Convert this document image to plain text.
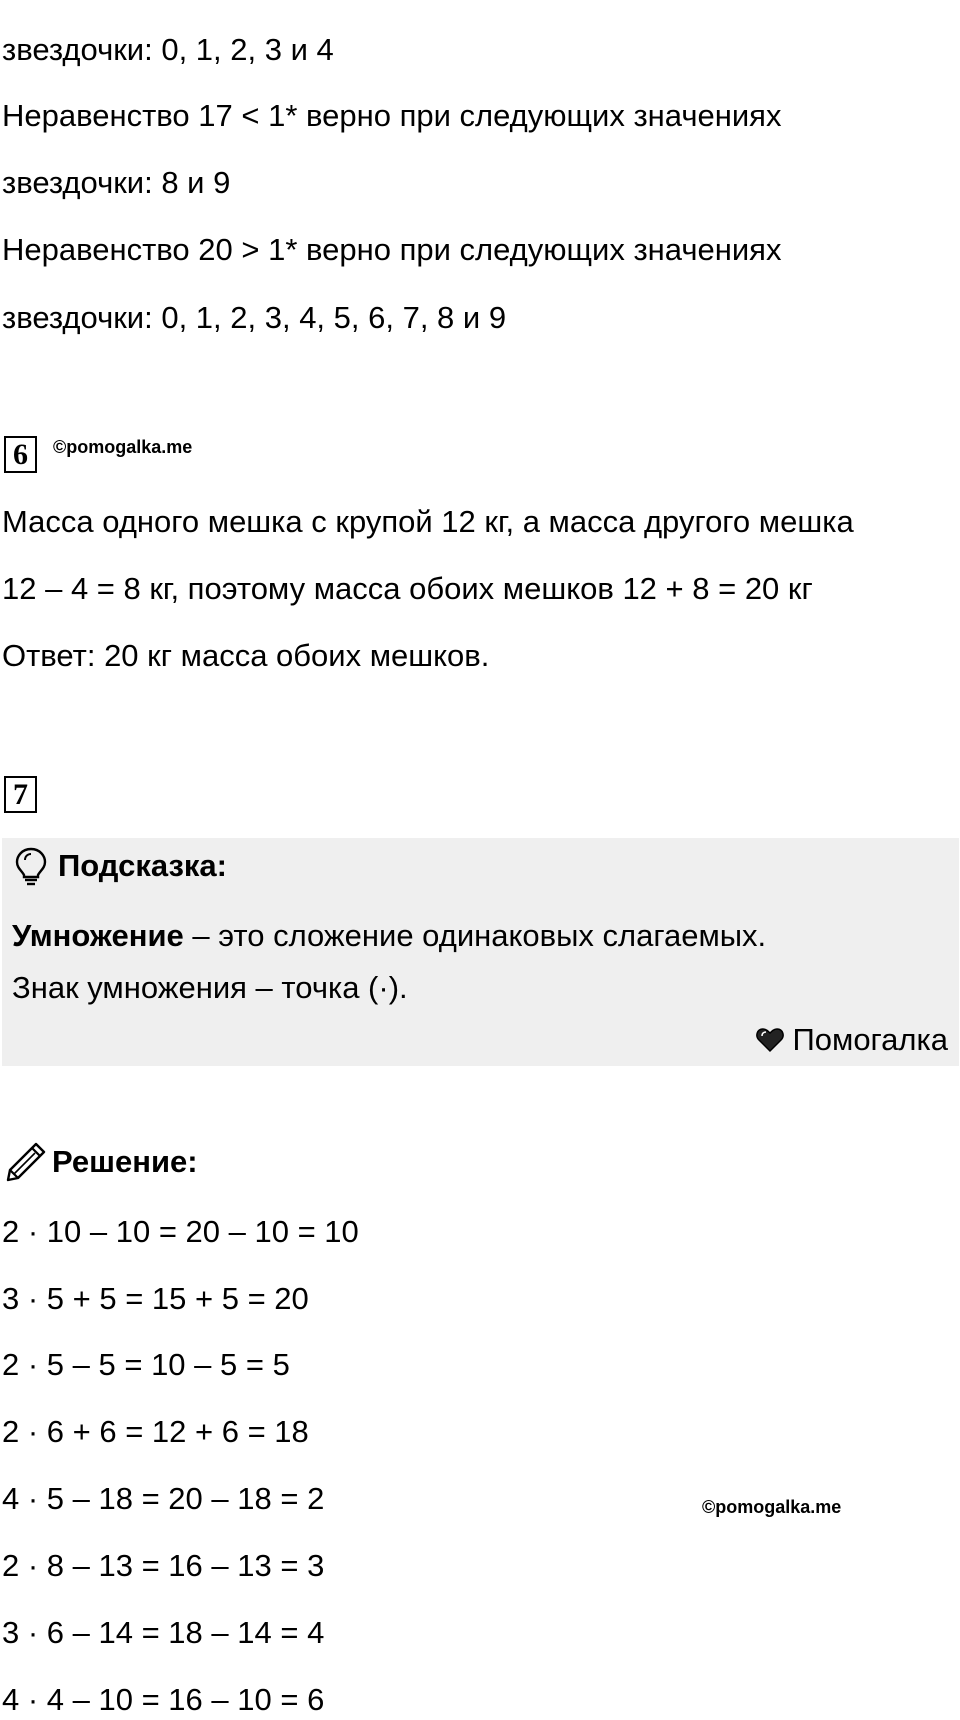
звездочки: 0, 1, 2, 3 и 4
Неравенство 17 < 1* верно при следующих значениях
звездочки: 8 и 9
Неравенство 20 > 1* верно при следующих значениях
звездочки: 0, 1, 2, 3, 4, 5, 6, 7, 8 и 9
6	©pomogalka.me
Масса одного мешка с крупой 12 кг, а масса другого мешка
12 – 4 = 8 кг, поэтому масса обоих мешков 12 + 8 = 20 кг
Ответ: 20 кг масса обоих мешков.
7
Подсказка:
Умножение – это сложение одинаковых слагаемых.
Знак умножения – точка (·).
Помогалка
Решение:
2 · 10 – 10 = 20 – 10 = 10
3 · 5 + 5 = 15 + 5 = 20
2 · 5 – 5 = 10 – 5 = 5
2 · 6 + 6 = 12 + 6 = 18
4 · 5 – 18 = 20 – 18 = 2	©pomogalka.me
2 · 8 – 13 = 16 – 13 = 3
3 · 6 – 14 = 18 – 14 = 4
4 · 4 – 10 = 16 – 10 = 6
